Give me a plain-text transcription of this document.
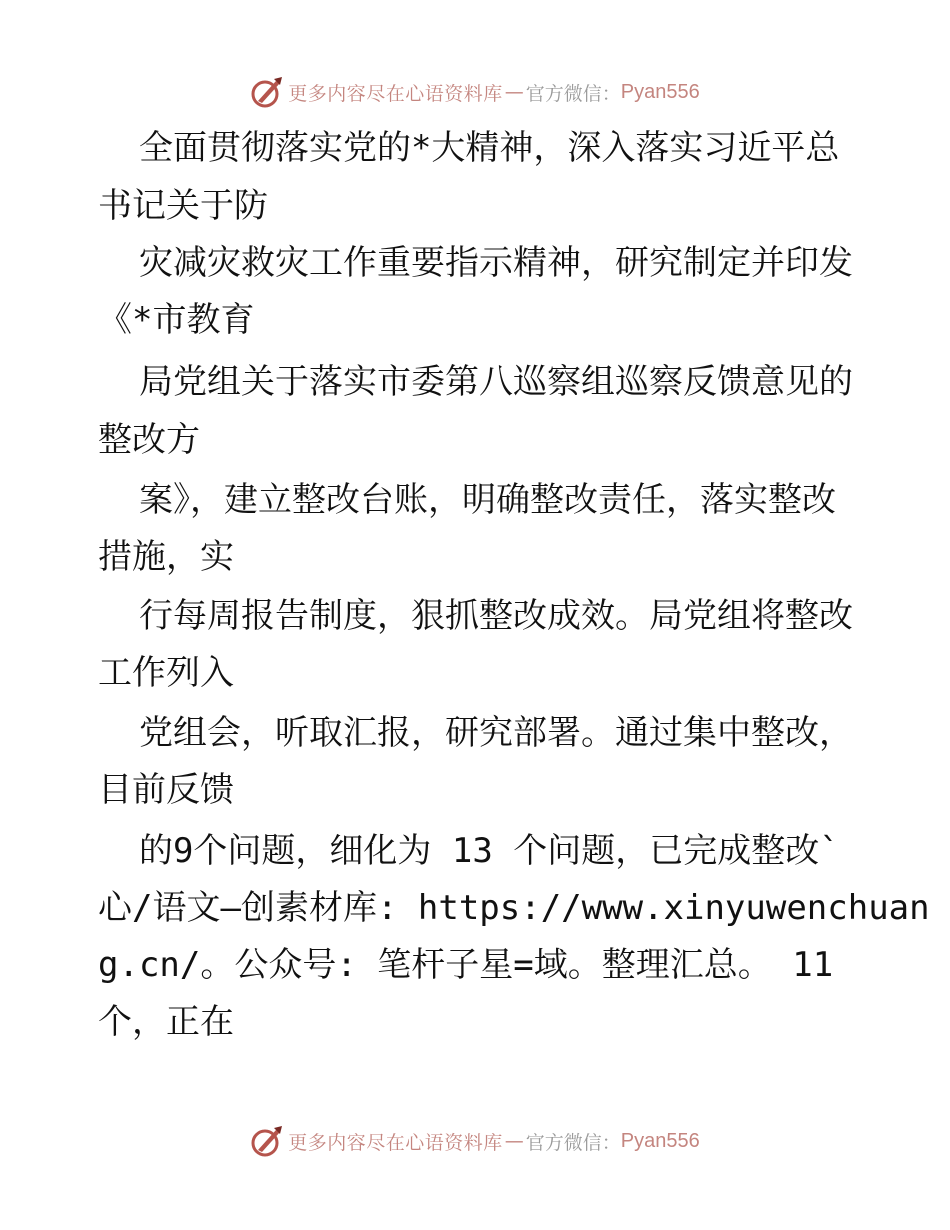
更多内容尽在心语资料库 — 官方微信： Pyan556
全面贯彻落实党的*大精神，深入落实习近平总
书记关于防
灾减灾救灾工作重要指示精神，研究制定并印发
《*市教育
局党组关于落实市委第八巡察组巡察反馈意见的
整改方
案》，建立整改台账，明确整改责任，落实整改
措施，实
行每周报告制度，狠抓整改成效。局党组将整改
工作列入
党组会，听取汇报，研究部署。通过集中整改，
目前反馈
的9个问题，细化为 13 个问题，已完成整改`
心/语文—创素材库: https://www.xinyuwenchuan
g.cn/。公众号: 笔杆子星=域。整理汇总。 11
个，正在
更多内容尽在心语资料库 — 官方微信： Pyan556
